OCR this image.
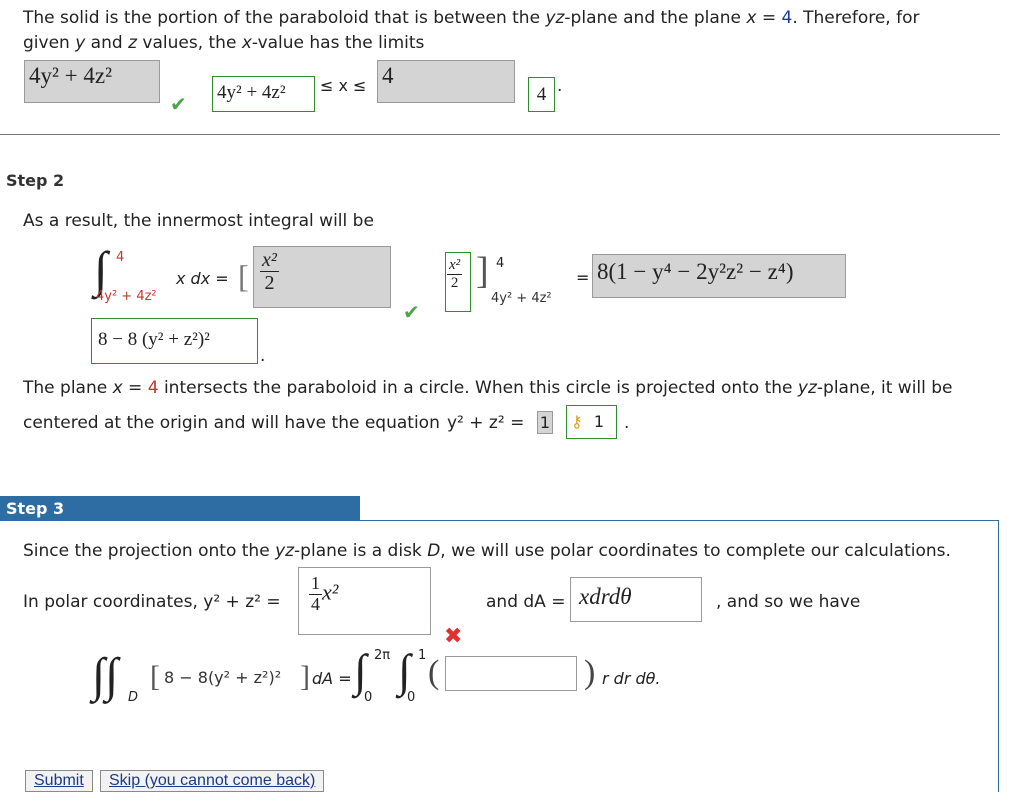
The solid is the portion of the paraboloid that is between the yz-plane and the plane x = 4. Therefore, for
given y and z values, the x-value has the limits
4y² + 4z²
✔ 4y² + 4z²	≤ x ≤ 4
4 .
Step 2
As a result, the innermost integral will be
∫ 4
4y² + 4z²
x dx = [ $\frac{\text{x²}}{2}$
✔
$\frac{\text{x²}}{2}$ ] 4
4y² + 4z²
= 8(1 − y⁴ − 2y²z² − z⁴)
8 − 8 (y² + z²)²
.
The plane x = 4 intersects the paraboloid in a circle. When this circle is projected onto the yz-plane, it will be
centered at the origin and will have the equation y² + z² = 1	⚷ 1	.
Step 3
Since the projection onto the yz-plane is a disk D, we will use polar coordinates to complete our calculations.
In polar coordinates, $y^2 + z^2 = \frac{1}{4} x^2$
✖
and dA = xdrdθ	, and so we have
∫∫ D
[ 8 − 8(y² + z²)² ] dA = ∫ 2π
0
∫ 1
0
(	) r dr dθ.
Submit	Skip (you cannot come back)
